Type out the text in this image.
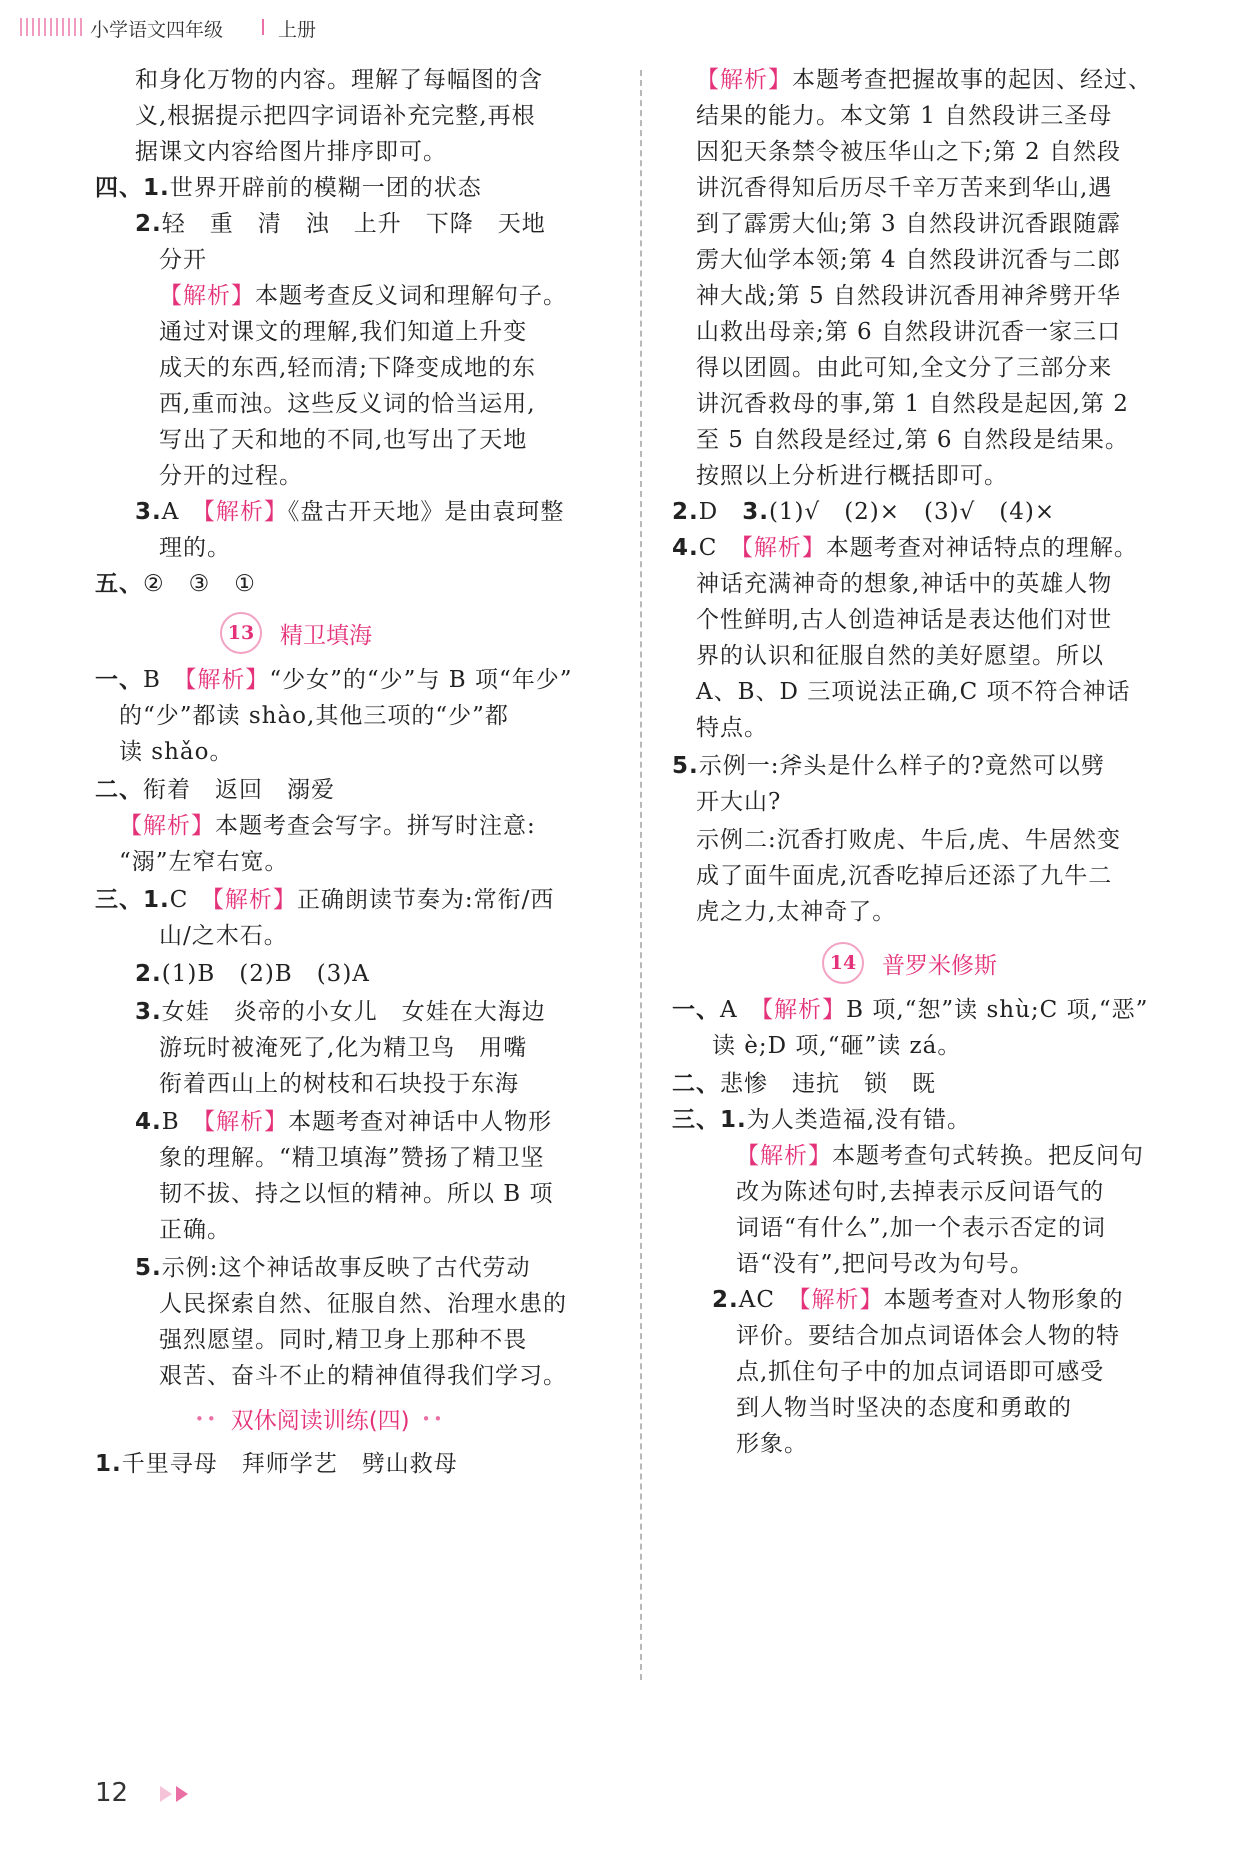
小学语文四年级	上册
和身化万物的内容。理解了每幅图的含
义,根据提示把四字词语补充完整,再根
据课文内容给图片排序即可。
四、1.世界开辟前的模糊一团的状态
2.轻　重　清　浊　上升　下降　天地
分开
【解析】本题考查反义词和理解句子。
通过对课文的理解,我们知道上升变
成天的东西,轻而清;下降变成地的东
西,重而浊。这些反义词的恰当运用,
写出了天和地的不同,也写出了天地
分开的过程。
3.A　【解析】《盘古开天地》是由袁珂整
理的。
五、②　③　①
13	精卫填海
一、B　【解析】“少女”的“少”与 B 项“年少”
的“少”都读 shào,其他三项的“少”都
读 shǎo。
二、衔着　返回　溺爱
【解析】本题考查会写字。拼写时注意:
“溺”左窄右宽。
三、1.C　【解析】正确朗读节奏为:常衔/西
山/之木石。
2.(1)B　(2)B　(3)A
3.女娃　炎帝的小女儿　女娃在大海边
游玩时被淹死了,化为精卫鸟　用嘴
衔着西山上的树枝和石块投于东海
4.B　【解析】本题考查对神话中人物形
象的理解。“精卫填海”赞扬了精卫坚
韧不拔、持之以恒的精神。所以 B 项
正确。
5.示例:这个神话故事反映了古代劳动
人民探索自然、征服自然、治理水患的
强烈愿望。同时,精卫身上那种不畏
艰苦、奋斗不止的精神值得我们学习。
•• 双休阅读训练(四) ••
1.千里寻母　拜师学艺　劈山救母
【解析】本题考查把握故事的起因、经过、
结果的能力。本文第 1 自然段讲三圣母
因犯天条禁令被压华山之下;第 2 自然段
讲沉香得知后历尽千辛万苦来到华山,遇
到了霹雳大仙;第 3 自然段讲沉香跟随霹
雳大仙学本领;第 4 自然段讲沉香与二郎
神大战;第 5 自然段讲沉香用神斧劈开华
山救出母亲;第 6 自然段讲沉香一家三口
得以团圆。由此可知,全文分了三部分来
讲沉香救母的事,第 1 自然段是起因,第 2
至 5 自然段是经过,第 6 自然段是结果。
按照以上分析进行概括即可。
2.D　3.(1)√　(2)×　(3)√　(4)×
4.C　【解析】本题考查对神话特点的理解。
神话充满神奇的想象,神话中的英雄人物
个性鲜明,古人创造神话是表达他们对世
界的认识和征服自然的美好愿望。所以
A、B、D 三项说法正确,C 项不符合神话
特点。
5.示例一:斧头是什么样子的?竟然可以劈
开大山?
示例二:沉香打败虎、牛后,虎、牛居然变
成了面牛面虎,沉香吃掉后还添了九牛二
虎之力,太神奇了。
14	普罗米修斯
一、A　【解析】B 项,“恕”读 shù;C 项,“恶”
读 è;D 项,“砸”读 zá。
二、悲惨　违抗　锁　既
三、1.为人类造福,没有错。
【解析】本题考查句式转换。把反问句
改为陈述句时,去掉表示反问语气的
词语“有什么”,加一个表示否定的词
语“没有”,把问号改为句号。
2.AC　【解析】本题考查对人物形象的
评价。要结合加点词语体会人物的特
点,抓住句子中的加点词语即可感受
到人物当时坚决的态度和勇敢的
形象。
12
